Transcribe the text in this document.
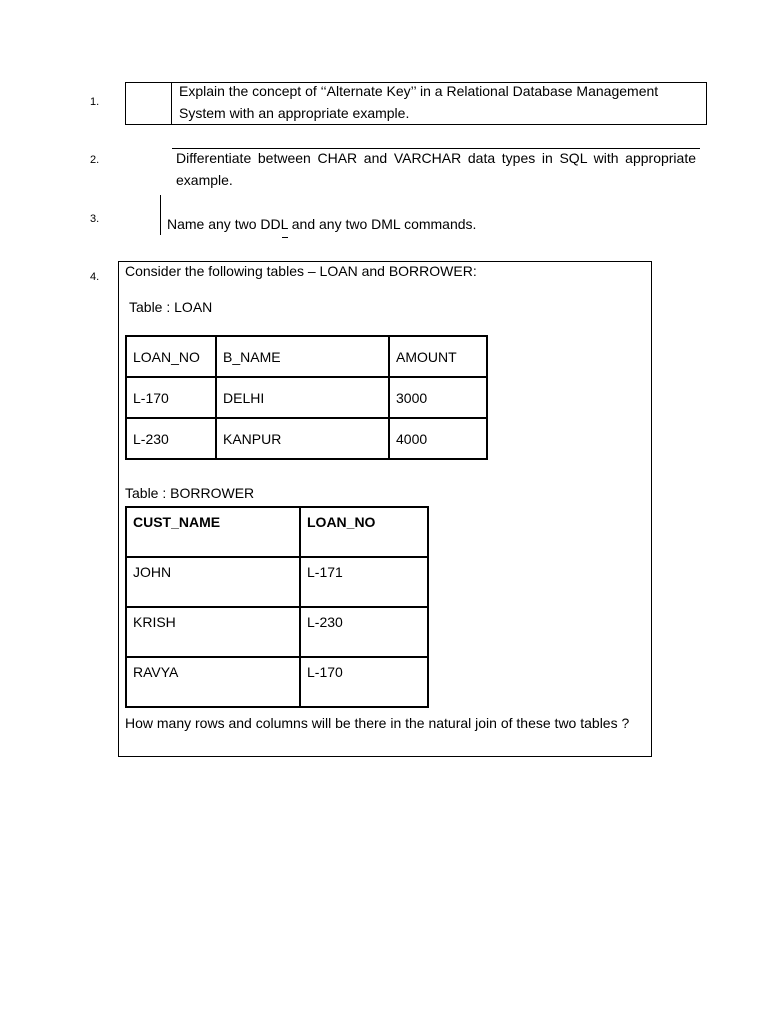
1.
Explain the concept of ‘‘Alternate Key’’ in a Relational Database Management System with an appropriate example.
2.	Differentiate between CHAR and VARCHAR data types in SQL with appropriate example.
3.	Name any two DDL and any two DML commands.
4. Consider the following tables – LOAN and BORROWER:
Table : LOAN
LOAN_NO	B_NAME	AMOUNT
L-170	DELHI	3000
L-230	KANPUR	4000
Table : BORROWER
CUST_NAME	LOAN_NO
JOHN	L-171
KRISH	L-230
RAVYA	L-170
How many rows and columns will be there in the natural join of these two tables ?
